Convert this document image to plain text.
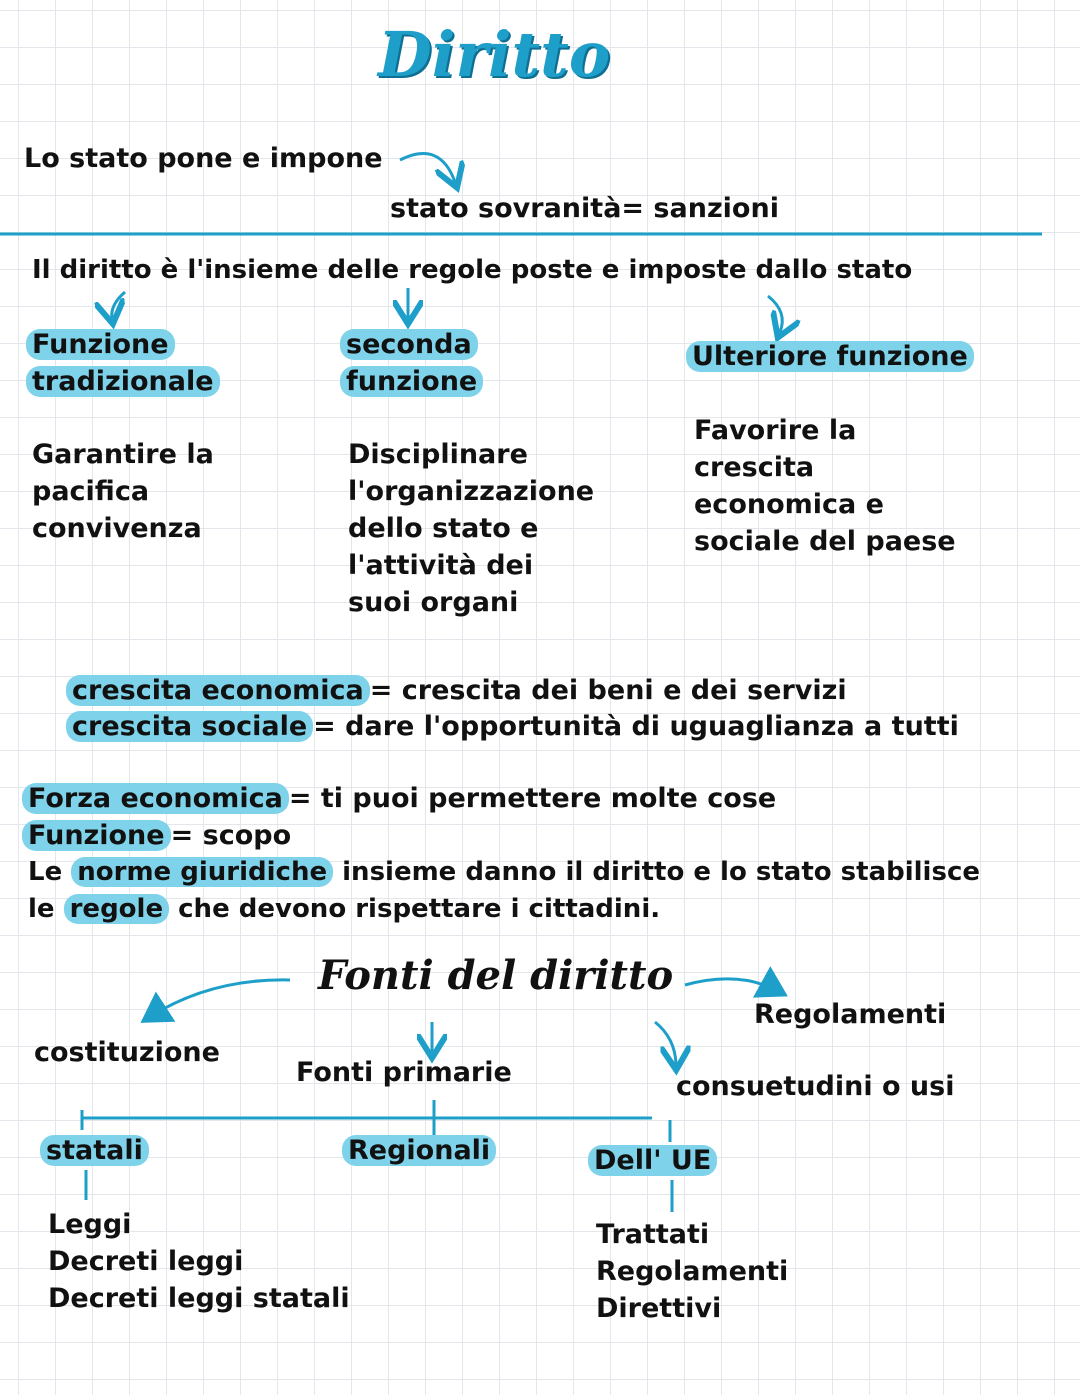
Diritto

Lo stato pone e impone

stato sovranità= sanzioni

Il diritto è l'insieme delle regole poste e imposte dallo stato

Funzione
tradizionale
Garantire la
pacifica
convivenza
seconda
funzione
Disciplinare
l'organizzazione
dello stato e
l'attività dei
suoi organi
Ulteriore funzione
Favorire la
crescita
economica e
sociale del paese

crescita economica = crescita dei beni e dei servizi

crescita sociale = dare l'opportunità di uguaglianza a tutti

Forza economica = ti puoi permettere molte cose

Funzione = scopo

Le norme giuridiche insieme danno il diritto e lo stato stabilisce

le regole che devono rispettare i cittadini.

Fonti del diritto

costituzione

Fonti primarie

Regolamenti

consuetudini o usi

statali	Regionali	Dell' UE

Leggi
Decreti leggi
Decreti leggi statali
Trattati
Regolamenti
Direttivi
